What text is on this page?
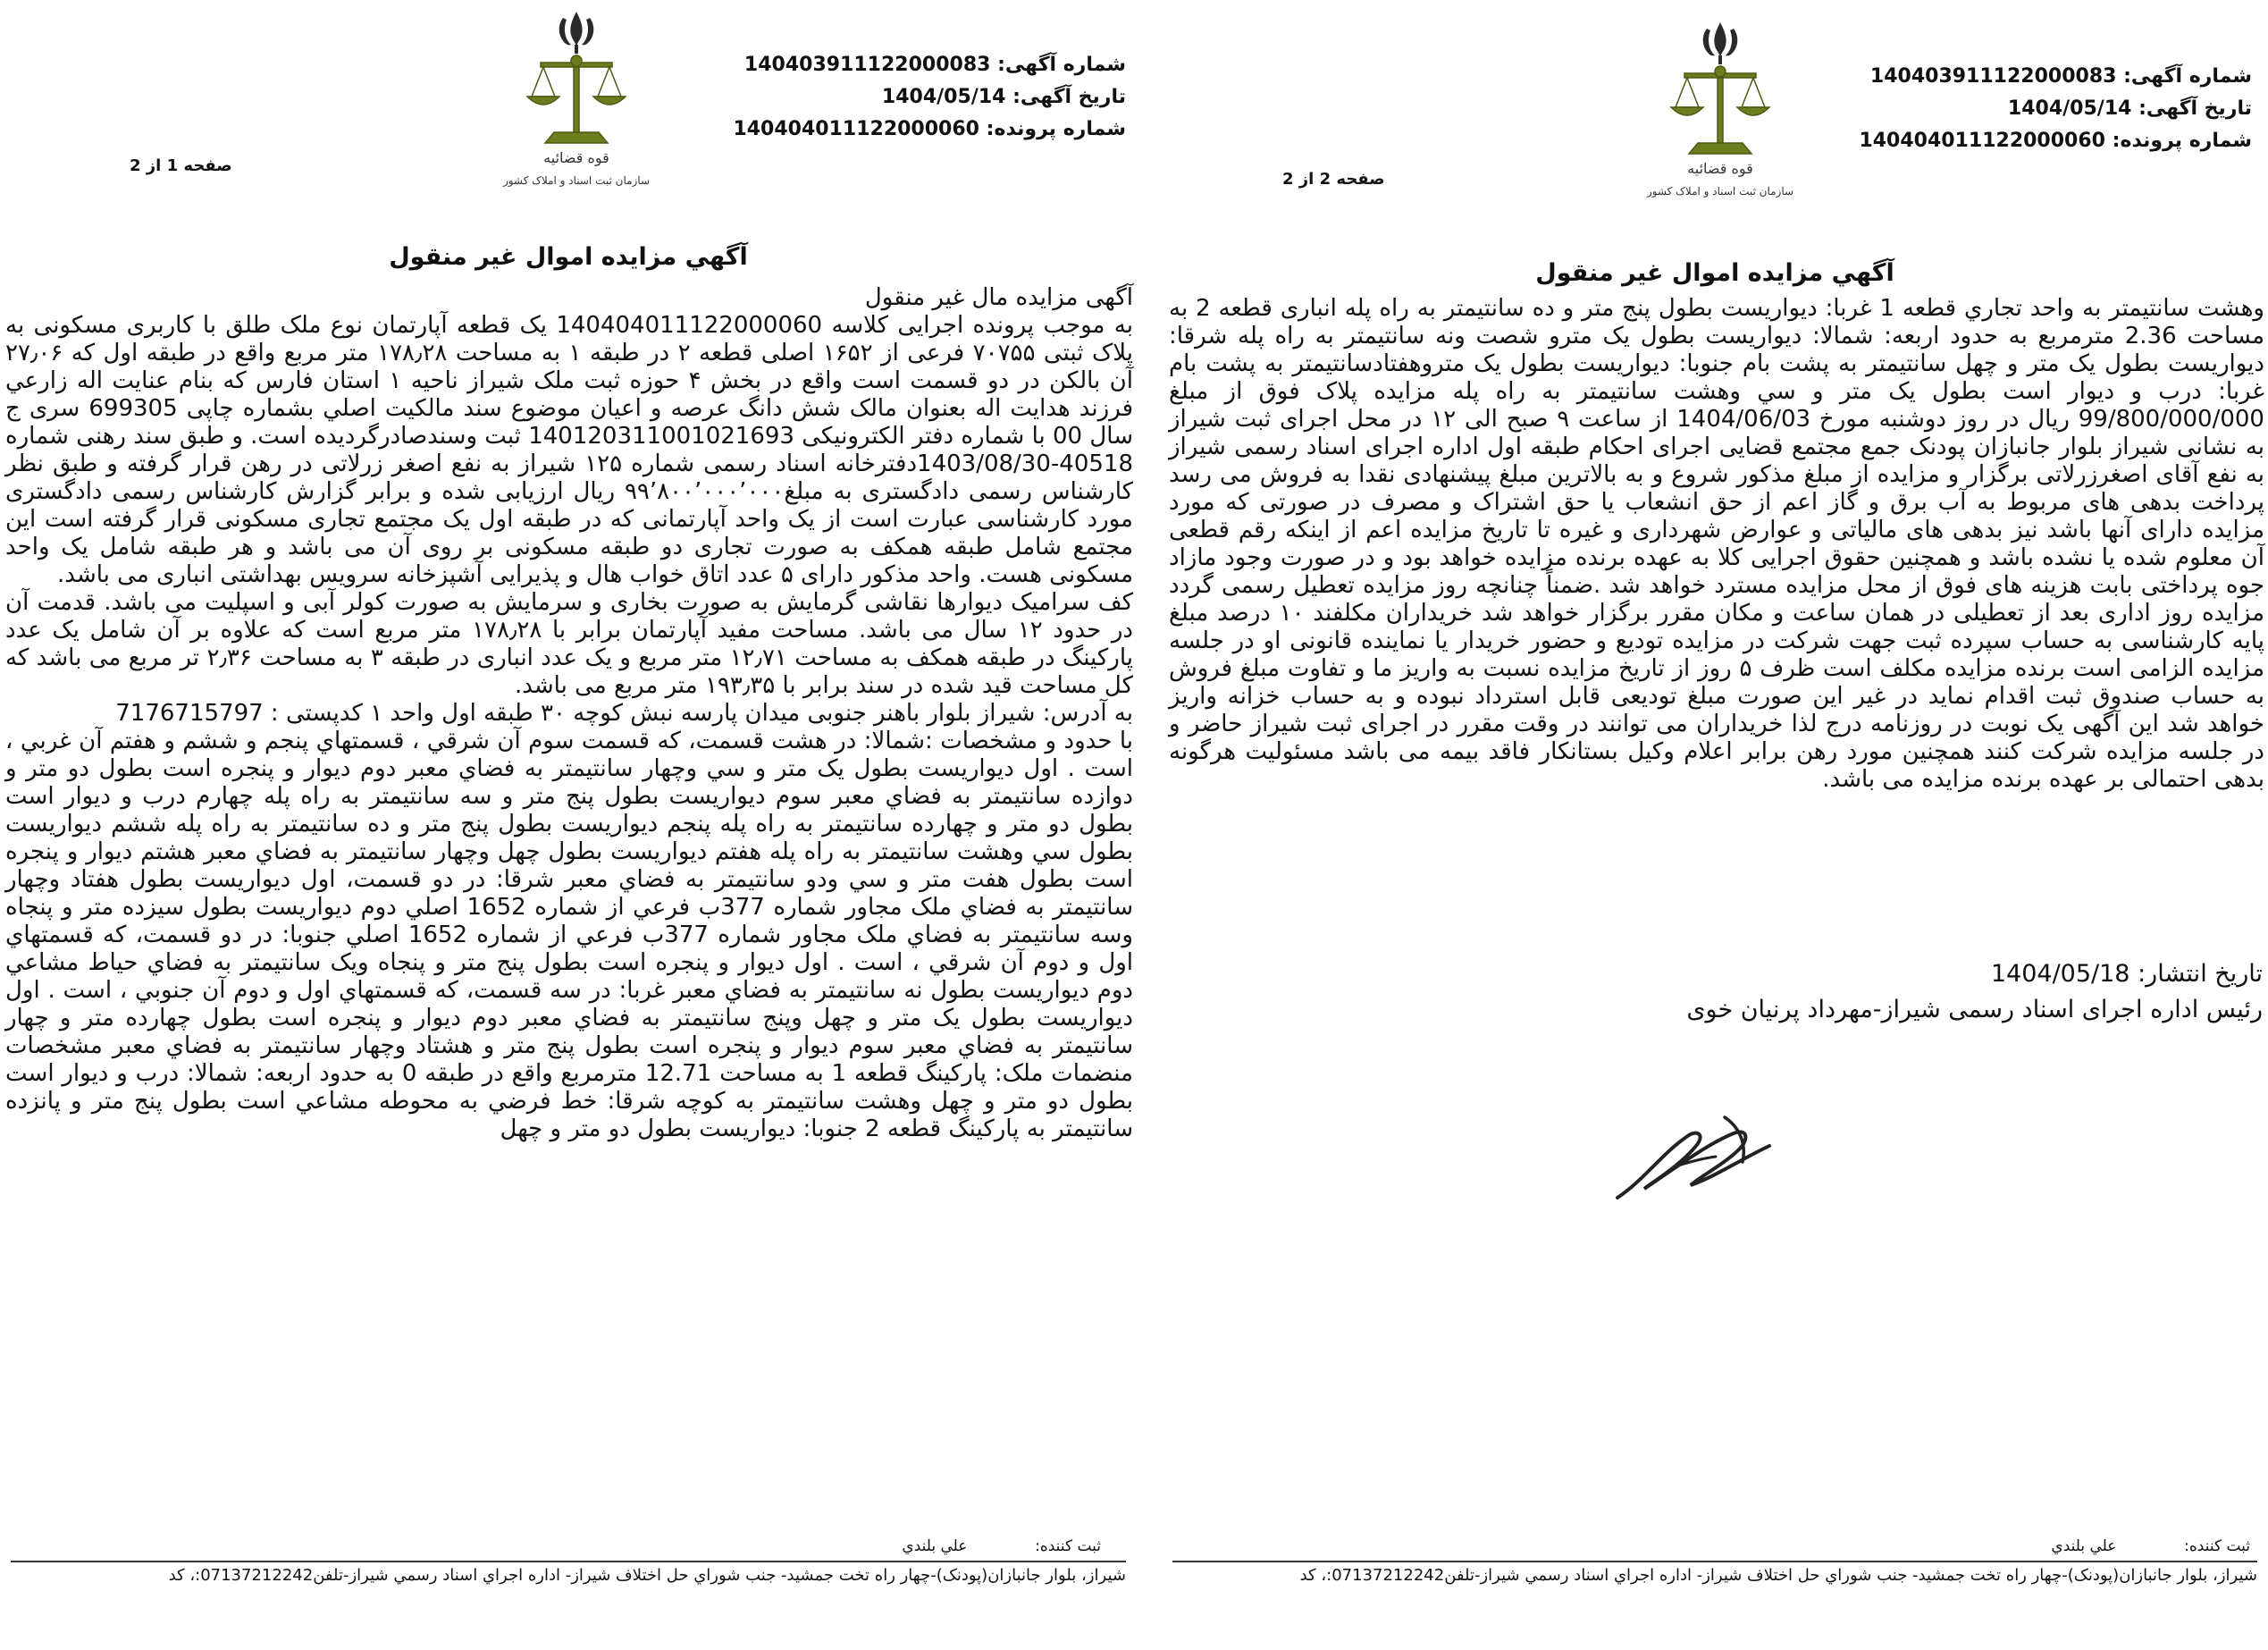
شماره آگهی: 140403911122000083
تاریخ آگهی: 1404/05/14
شماره پرونده: 140404011122000060
صفحه 1 از 2
آگهي مزايده اموال غير منقول

آگهی مزایده مال غیر منقول

به موجب پرونده اجرایی کلاسه 140404011122000060 یک قطعه آپارتمان نوع ملک طلق با کاربری مسکونی به پلاک ثبتی ۷۰۷۵۵ فرعی از ۱۶۵۲ اصلی قطعه ۲ در طبقه ۱ به مساحت ۱۷۸٫۲۸ متر مربع واقع در طبقه اول که ۲۷٫۰۶ آن بالکن در دو قسمت است واقع در بخش ۴ حوزه ثبت ملک شیراز ناحیه ۱ استان فارس که بنام عنایت اله زارعي فرزند هدایت اله بعنوان مالک شش دانگ عرصه و اعیان موضوع سند مالکیت اصلي بشماره چاپی 699305 سری ج سال 00 با شماره دفتر الکترونیکی 140120311001021693 ثبت وسندصادرگردیده است. و طبق سند رهنی شماره 40518-1403/08/30دفترخانه اسناد رسمی شماره ۱۲۵ شیراز به نفع اصغر زرلاتی در رهن قرار گرفته و طبق نظر کارشناس رسمی دادگستری به مبلغ۹۹٬۸۰۰٬۰۰۰٬۰۰۰ ریال ارزیابی شده و برابر گزارش کارشناس رسمی دادگستری مورد کارشناسی عبارت است از یک واحد آپارتمانی که در طبقه اول یک مجتمع تجاری مسکونی قرار گرفته است این مجتمع شامل طبقه همکف به صورت تجاری دو طبقه مسکونی بر روی آن می باشد و هر طبقه شامل یک واحد مسکونی هست. واحد مذکور دارای ۵ عدد اتاق خواب هال و پذیرایی آشپزخانه سرویس بهداشتی انباری می باشد.

کف سرامیک دیوارها نقاشی گرمایش به صورت بخاری و سرمایش به صورت کولر آبی و اسپلیت می باشد. قدمت آن در حدود ۱۲ سال می باشد. مساحت مفید آپارتمان برابر با ۱۷۸٫۲۸ متر مربع است که علاوه بر آن شامل یک عدد پارکینگ در طبقه همکف به مساحت ۱۲٫۷۱ متر مربع و یک عدد انباری در طبقه ۳ به مساحت ۲٫۳۶ تر مربع می باشد که کل مساحت قید شده در سند برابر با ۱۹۳٫۳۵ متر مربع می باشد.

به آدرس: شیراز بلوار باهنر جنوبی میدان پارسه نبش کوچه ۳۰ طبقه اول واحد ۱ کدپستی : 7176715797

با حدود و مشخصات :شمالا: در هشت قسمت، که قسمت سوم آن شرقي ، قسمتهاي پنجم و ششم و هفتم آن غربي ، است . اول ديواريست بطول يک متر و سي وچهار سانتيمتر به فضاي معبر دوم ديوار و پنجره است بطول دو متر و دوازده سانتيمتر به فضاي معبر سوم ديواريست بطول پنج متر و سه سانتيمتر به راه پله چهارم درب و ديوار است بطول دو متر و چهارده سانتيمتر به راه پله پنجم ديواريست بطول پنج متر و ده سانتيمتر به راه پله ششم ديواريست بطول سي وهشت سانتيمتر به راه پله هفتم ديواريست بطول چهل وچهار سانتيمتر به فضاي معبر هشتم ديوار و پنجره است بطول هفت متر و سي ودو سانتيمتر به فضاي معبر شرقا: در دو قسمت، اول ديواريست بطول هفتاد وچهار سانتيمتر به فضاي ملک مجاور شماره 377ب فرعي از شماره 1652 اصلي دوم ديواريست بطول سيزده متر و پنجاه وسه سانتيمتر به فضاي ملک مجاور شماره 377ب فرعي از شماره 1652 اصلي جنوبا: در دو قسمت، که قسمتهاي اول و دوم آن شرقي ، است . اول ديوار و پنجره است بطول پنج متر و پنجاه ويک سانتيمتر به فضاي حياط مشاعي دوم ديواريست بطول نه سانتيمتر به فضاي معبر غربا: در سه قسمت، که قسمتهاي اول و دوم آن جنوبي ، است . اول ديواريست بطول يک متر و چهل وپنج سانتيمتر به فضاي معبر دوم ديوار و پنجره است بطول چهارده متر و چهار سانتيمتر به فضاي معبر سوم ديوار و پنجره است بطول پنج متر و هشتاد وچهار سانتيمتر به فضاي معبر مشخصات منضمات ملک: پارکينگ قطعه 1 به مساحت 12.71 مترمربع واقع در طبقه 0 به حدود اربعه: شمالا: درب و ديوار است بطول دو متر و چهل وهشت سانتيمتر به کوچه شرقا: خط فرضي به محوطه مشاعي است بطول پنج متر و پانزده سانتيمتر به پارکينگ قطعه 2 جنوبا: ديواريست بطول دو متر و چهل

ثبت کننده:              علي بلندي
شيراز، بلوار جانبازان(پودنک)-چهار راه تخت جمشيد- جنب شوراي حل اختلاف شيراز- اداره اجراي اسناد رسمي شيراز-تلفن07137212242:، کد
شماره آگهی: 140403911122000083
تاریخ آگهی: 1404/05/14
شماره پرونده: 140404011122000060
صفحه 2 از 2
آگهي مزايده اموال غير منقول

وهشت سانتيمتر به واحد تجاري قطعه 1 غربا: ديواريست بطول پنج متر و ده سانتيمتر به راه پله انباری قطعه 2 به مساحت 2.36 مترمربع به حدود اربعه: شمالا: ديواريست بطول يک مترو شصت ونه سانتيمتر به راه پله شرقا: ديواريست بطول يک متر و چهل سانتيمتر به پشت بام جنوبا: ديواريست بطول يک متروهفتادسانتيمتر به پشت بام غربا: درب و ديوار است بطول يک متر و سي وهشت سانتيمتر به راه پله مزايده پلاک فوق از مبلغ 99/800/000/000 ريال در روز دوشنبه مورخ 1404/06/03 از ساعت ۹ صبح الی ۱۲ در محل اجرای ثبت شیراز به نشانی شیراز بلوار جانبازان پودنک جمع مجتمع قضایی اجرای احکام طبقه اول اداره اجرای اسناد رسمی شیراز به نفع آقای اصغرزرلاتی برگزار و مزایده از مبلغ مذکور شروع و به بالاترین مبلغ پیشنهادی نقدا به فروش می رسد پرداخت بدهی های مربوط به آب برق و گاز اعم از حق انشعاب یا حق اشتراک و مصرف در صورتی که مورد مزایده دارای آنها باشد نیز بدهی های مالیاتی و عوارض شهرداری و غیره تا تاریخ مزایده اعم از اینکه رقم قطعی آن معلوم شده یا نشده باشد و همچنین حقوق اجرایی کلا به عهده برنده مزایده خواهد بود و در صورت وجود مازاد جوه پرداختی بابت هزینه های فوق از محل مزایده مسترد خواهد شد .ضمناً چنانچه روز مزایده تعطیل رسمی گردد مزایده روز اداری بعد از تعطیلی در همان ساعت و مکان مقرر برگزار خواهد شد خریداران مکلفند ۱۰ درصد مبلغ پایه کارشناسی به حساب سپرده ثبت جهت شرکت در مزایده تودیع و حضور خریدار یا نماینده قانونی او در جلسه مزایده الزامی است برنده مزایده مکلف است ظرف ۵ روز از تاریخ مزایده نسبت به واریز ما و تفاوت مبلغ فروش به حساب صندوق ثبت اقدام نماید در غیر این صورت مبلغ تودیعی قابل استرداد نبوده و به حساب خزانه واریز خواهد شد این آگهی یک نوبت در روزنامه درج لذا خریداران می توانند در وقت مقرر در اجرای ثبت شیراز حاضر و در جلسه مزایده شرکت کنند همچنین مورد رهن برابر اعلام وکیل بستانکار فاقد بیمه می باشد مسئولیت هرگونه بدهی احتمالی بر عهده برنده مزایده می باشد.

تاریخ انتشار: 1404/05/18
رئیس اداره اجرای اسناد رسمی شیراز-مهرداد پرنیان خوی
ثبت کننده:              علي بلندي
شيراز، بلوار جانبازان(پودنک)-چهار راه تخت جمشيد- جنب شوراي حل اختلاف شيراز- اداره اجراي اسناد رسمي شيراز-تلفن07137212242:، کد
